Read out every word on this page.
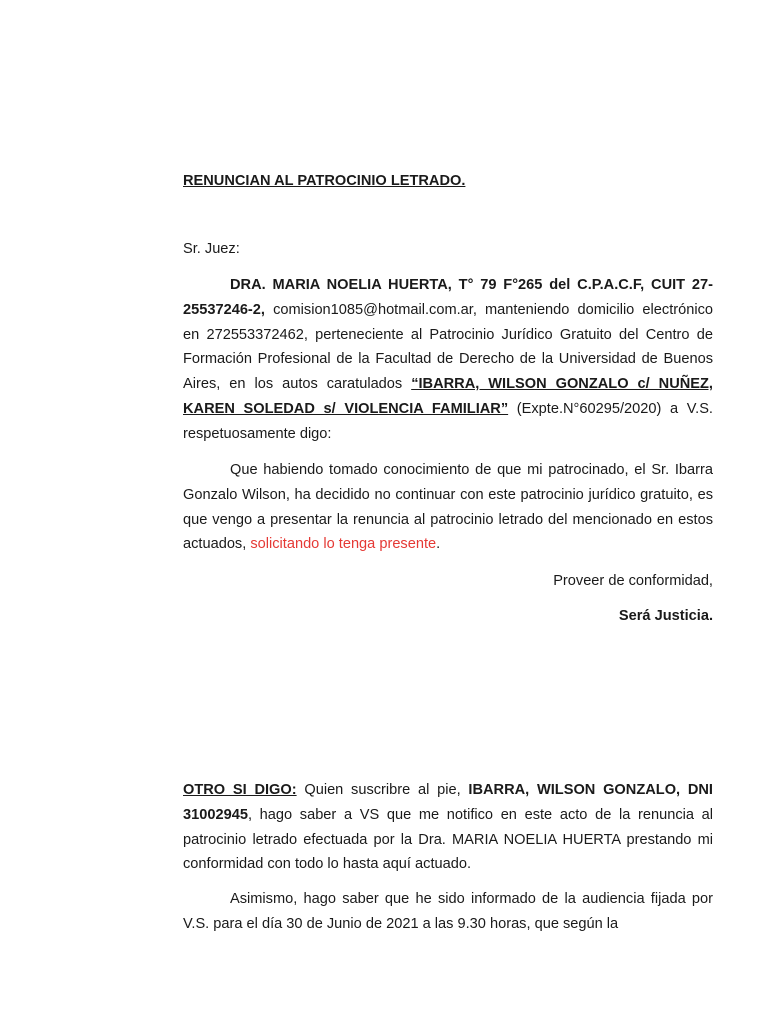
RENUNCIAN AL PATROCINIO LETRADO.
Sr. Juez:

DRA. MARIA NOELIA HUERTA, T° 79 F°265 del C.P.A.C.F, CUIT 27-25537246-2, comision1085@hotmail.com.ar, manteniendo domicilio electrónico en 272553372462, perteneciente al Patrocinio Jurídico Gratuito del Centro de Formación Profesional de la Facultad de Derecho de la Universidad de Buenos Aires, en los autos caratulados “IBARRA, WILSON GONZALO c/ NUÑEZ, KAREN SOLEDAD s/ VIOLENCIA FAMILIAR” (Expte.N°60295/2020) a V.S. respetuosamente digo:

Que habiendo tomado conocimiento de que mi patrocinado, el Sr. Ibarra Gonzalo Wilson, ha decidido no continuar con este patrocinio jurídico gratuito, es que vengo a presentar la renuncia al patrocinio letrado del mencionado en estos actuados, solicitando lo tenga presente.

Proveer de conformidad,
Será Justicia.

OTRO SI DIGO: Quien suscribre al pie, IBARRA, WILSON GONZALO, DNI 31002945, hago saber a VS que me notifico en este acto de la renuncia al patrocinio letrado efectuada por la Dra. MARIA NOELIA HUERTA prestando mi conformidad con todo lo hasta aquí actuado.

Asimismo, hago saber que he sido informado de la audiencia fijada por V.S. para el día 30 de Junio de 2021 a las 9.30 horas, que según la
